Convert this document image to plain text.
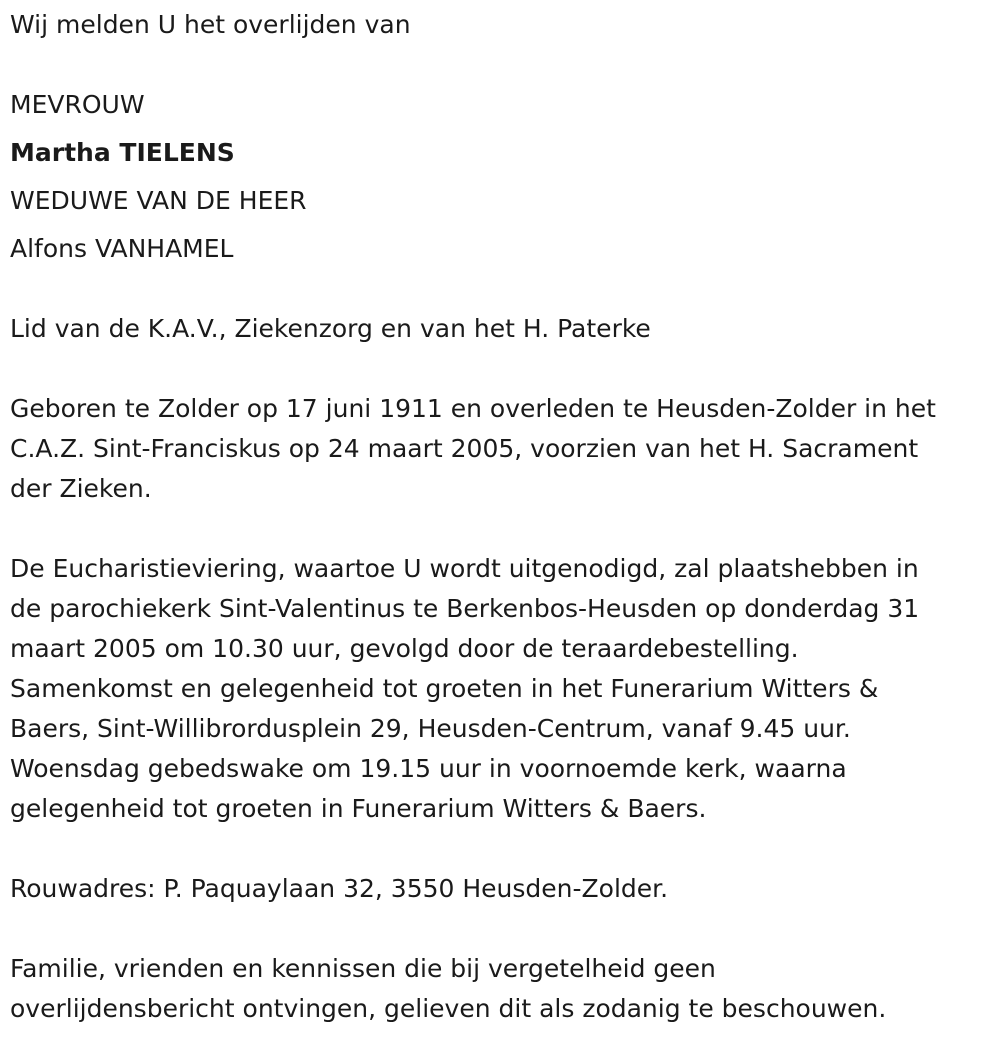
Wij melden U het overlijden van
MEVROUW
Martha TIELENS
WEDUWE VAN DE HEER
Alfons VANHAMEL
Lid van de K.A.V., Ziekenzorg en van het H. Paterke
Geboren te Zolder op 17 juni 1911 en overleden te Heusden-Zolder in het
C.A.Z. Sint-Franciskus op 24 maart 2005, voorzien van het H. Sacrament
der Zieken.
De Eucharistieviering, waartoe U wordt uitgenodigd, zal plaatshebben in
de parochiekerk Sint-Valentinus te Berkenbos-Heusden op donderdag 31
maart 2005 om 10.30 uur, gevolgd door de teraardebestelling.
Samenkomst en gelegenheid tot groeten in het Funerarium Witters &
Baers, Sint-Willibrordusplein 29, Heusden-Centrum, vanaf 9.45 uur.
Woensdag gebedswake om 19.15 uur in voornoemde kerk, waarna
gelegenheid tot groeten in Funerarium Witters & Baers.
Rouwadres: P. Paquaylaan 32, 3550 Heusden-Zolder.
Familie, vrienden en kennissen die bij vergetelheid geen
overlijdensbericht ontvingen, gelieven dit als zodanig te beschouwen.
